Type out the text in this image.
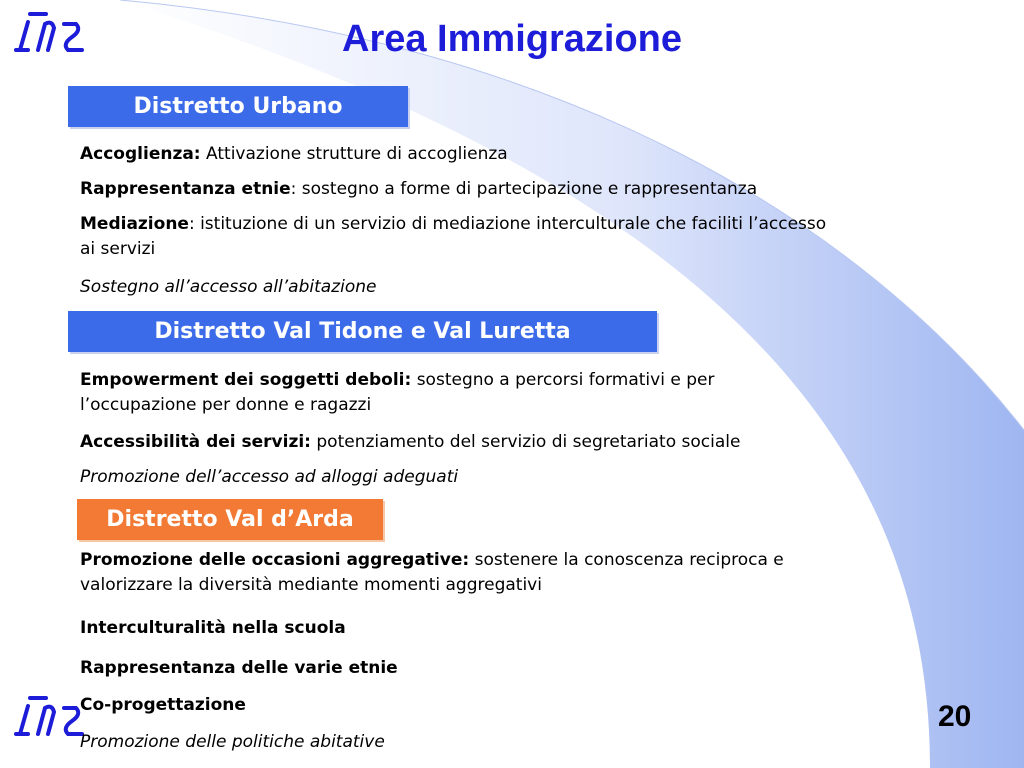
Area Immigrazione
Distretto Urbano
Accoglienza: Attivazione strutture di accoglienza
Rappresentanza etnie: sostegno a forme di partecipazione e rappresentanza
Mediazione: istituzione di un servizio di mediazione interculturale che faciliti l’accesso
ai servizi
Sostegno all’accesso all’abitazione
Distretto Val Tidone e Val Luretta
Empowerment dei soggetti deboli: sostegno a percorsi formativi e per
l’occupazione per donne e ragazzi
Accessibilità dei servizi: potenziamento del servizio di segretariato sociale
Promozione dell’accesso ad alloggi adeguati
Distretto Val d’Arda
Promozione delle occasioni aggregative: sostenere la conoscenza reciproca e
valorizzare la diversità mediante momenti aggregativi
Interculturalità nella scuola
Rappresentanza delle varie etnie
Co-progettazione
Promozione delle politiche abitative
20
